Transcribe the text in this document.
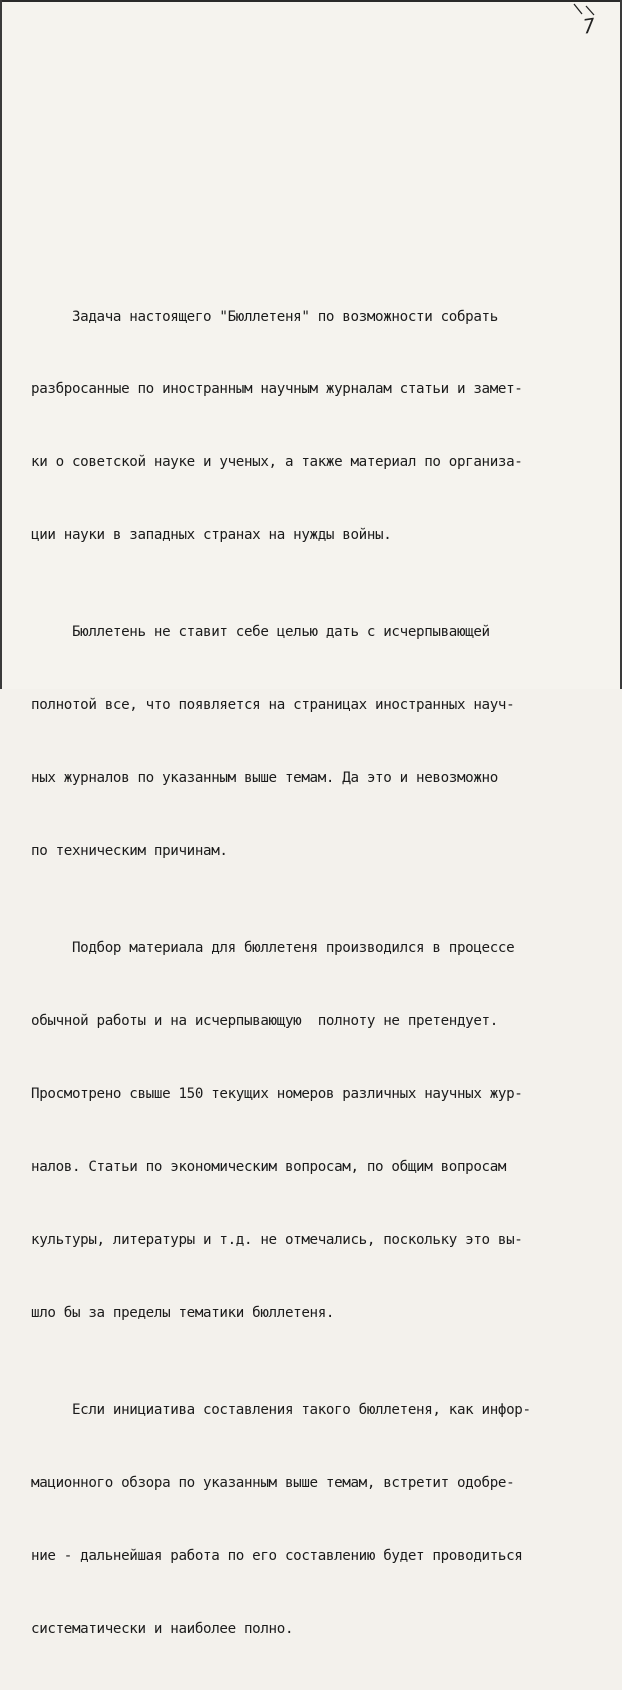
7

Задача настоящего "Бюллетеня" по возможности собрать

разбросанные по иностранным научным журналам статьи и замет-

ки о советской науке и ученых, а также материал по организа-

ции науки в западных странах на нужды войны.

Бюллетень не ставит себе целью дать с исчерпывающей

полнотой все, что появляется на страницах иностранных науч-

ных журналов по указанным выше темам. Да это и невозможно

по техническим причинам.

Подбор материала для бюллетеня производился в процессе

обычной работы и на исчерпывающую  полноту не претендует.

Просмотрено свыше 150 текущих номеров различных научных жур-

налов. Статьи по экономическим вопросам, по общим вопросам

культуры, литературы и т.д. не отмечались, поскольку это вы-

шло бы за пределы тематики бюллетеня.

Если инициатива составления такого бюллетеня, как инфор-

мационного обзора по указанным выше темам, встретит одобре-

ние - дальнейшая работа по его составлению будет проводиться

систематически и наиболее полно.
